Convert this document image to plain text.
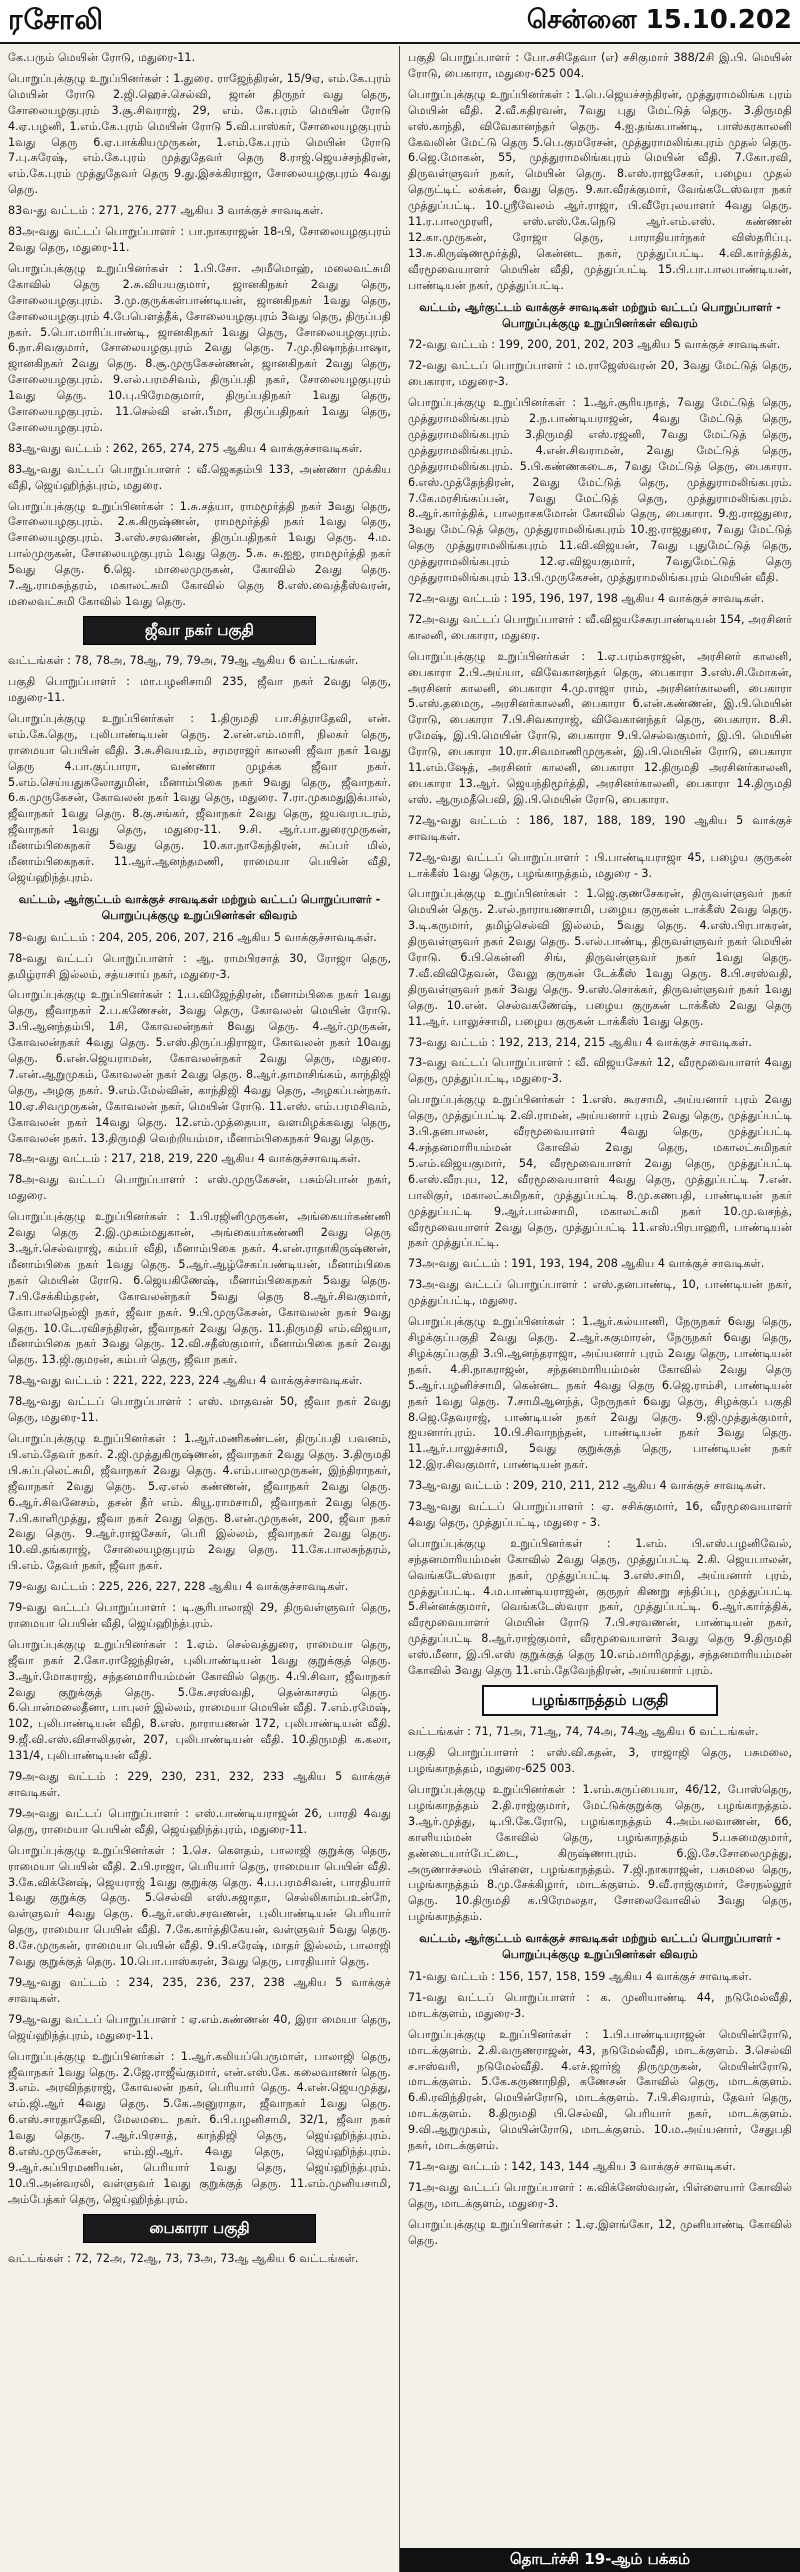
ரசோலி	சென்னை 15.10.202

கே.பரும் மெயின் ரோடு, மதுரை-11.

பொறுப்புக்குழு உறுப்பினர்கள் : 1.துரை. ராஜேந்திரன், 15/9ஏ, எம்.கே.புரம் மெயின் ரோடு 2.ஜி.ஹெச்.செல்வி, ஜான் திருநர் வது தெரு, சோலையழகுபுரம் 3.சூ.சிவராஜ், 29, எம். கே.புரம் மெயின் ரோடு 4.ஏ.பழனி, 1.எம்.கே.புரம் மெயின் ரோடு 5.வி.பாஸ்கர், சோலையழகுபுரம் 1வது தெரு 6.ஏ.பாக்கியமுருகன், 1.எம்.கே.புரம் மெயின் ரோடு 7.பு.சுரேஷ், எம்.கே.புரம் முத்துதேவர் தெரு 8.ராஜ்.ஜெயச்சந்திரன், எம்.கே.புரம் முத்துதேவர் தெரு 9.து.இசக்கிராஜா, சோலையழகுபுரம் 4வது தெரு.

83வ-து வட்டம் : 271, 276, 277 ஆகிய 3 வாக்குச் சாவடிகள்.

83அ-வது வட்டப் பொறுப்பாளர் : பா.நாகராஜன் 18-பி, சோலையழகுபுரம் 2வது தெரு, மதுரை-11.

பொறுப்புக்குழு உறுப்பினர்கள் : 1.பி.சோ. அமீமொஹ், மலைவட்சுமி கோவில் தெரு 2.சு.வியயகுமார், ஜானகிநகர் 2வது தெரு, சோலையழகுபுரம். 3.மு.குருக்கள்பாண்டியன், ஜானகிநகர் 1வது தெரு, சோலையழகுபுரம் 4.பேபெளத்தீக், சோலையழகுபுரம் 3வது தெரு, திருப்பதி நகர். 5.பொ.மாரிப்பாண்டி, ஜானகிநகர் 1வது தெரு, சோலையழகுபுரம். 6.நா.சிவகுமார், சோலையழகுபுரம் 2வது தெரு. 7.மு.நிஷாந்த்பாஷா, ஜானகிநகர் 2வது தெரு. 8.சூ.முருகேசன்ணன், ஜானகிநகர் 2வது தெரு, சோலையழகுபுரம். 9.எல்.பரமசிவம், திருப்பதி நகர், சோலையழகுபுரம் 1வது தெரு. 10.பு.பிரேமகுமார், திருப்பதிநகர் 1வது தெரு, சோலையழகுபுரம். 11.செல்வி என்.பீமா, திருப்பதிநகர் 1வது தெரு, சோலையழகுபுரம்.

83ஆ-வது வட்டம் : 262, 265, 274, 275 ஆகிய 4 வாக்குச்சாவடிகள்.

83ஆ-வது வட்டப் பொறுப்பாளர் : வீ.ஜெகதம்பி 133, அண்ணா முக்கிய வீதி, ஜெய்ஹிந்த்புரம், மதுரை.

பொறுப்புக்குழு உறுப்பினர்கள் : 1.சு.சத்யா, ராமமூர்த்தி நகர் 3வது தெரு, சோலையழகுபுரம். 2.க.கிருஷ்ணன், ராமமூர்த்தி நகர் 1வது தெரு, சோலையழகுபுரம். 3.எஸ்.சரவணன், திருப்பதிநகர் 1வது தெரு. 4.ம. பால்முருகன், சோலையழகுபுரம் 1வது தெரு. 5.சு. சு.ஐஐ, ராமமூர்த்தி நகர் 5வது தெரு. 6.ஜெ. மாலைமுருகன், கோவில் 2வது தெரு. 7.ஆ.ராமசுந்தரம், மகாலட்சுமி கோவில் தெரு 8.எஸ்.வைத்தீஸ்வரன், மலைவட்சுமி கோவில் 1வது தெரு.

ஜீவா நகர் பகுதி

வட்டங்கள் : 78, 78அ, 78ஆ, 79, 79அ, 79ஆ ஆகிய 6 வட்டங்கள்.

பகுதி பொறுப்பாளர் : மா.பழனிசாமி 235, ஜீவா நகர் 2வது தெரு, மதுரை-11.

பொறுப்புக்குழு உறுப்பினர்கள் : 1.திருமதி பா.சித்ராதேவி, என். எம்.கே.தெரு, புலிபாண்டியன் தெரு. 2.என்.எம்.மாரி, நிலகர் தெரு, ராமையா பெயின் வீதி. 3.சு.சிவயஉம், சரமராஜர் காலனி ஜீவா நகர் 1வது தெரு 4.பா.குப்பாரா, வண்ணா முழக்க ஜீவா நகர். 5.எம்.செய்யதுசுலோதுமின், மீனாம்பிகை நகர் 9வது தெரு, ஜீவாநகர். 6.க.முருகேசன், கோவலன் நகர் 1வது தெரு, மதுரை. 7.ரா.முகமதுஇக்பால், ஜீவாநகர் 1வது தெரு. 8.கு.சங்கர், ஜீவாநகர் 2வது தெரு, ஜயவரபடரம், ஜீவாநகர் 1வது தெரு, மதுரை-11. 9.சி. ஆர்.பா.துரைமுருகன், மீனாம்பிகைநகர் 5வது தெரு. 10.கா.நாகேந்திரன், சுப்பர் மில், மீனாம்பிகைநகர். 11.ஆர்.ஆனந்தமணி, ராமையா பெயின் வீதி, ஜெய்ஹிந்த்புரம்.

வட்டம், ஆர்குட்டம் வாக்குச் சாவடிகள் மற்றும் வட்டப் பொறுப்பாளர் - பொறுப்புக்குழு உறுப்பினர்கள் விவரம்

78-வது வட்டம் : 204, 205, 206, 207, 216 ஆகிய 5 வாக்குச்சாவடிகள்.

78-வது வட்டப் பொறுப்பாளர் : ஆ. ராமபிரசாத் 30, ரோஜா தெரு, தமிழ்ராசி இல்லம், சத்யசாய் நகர், மதுரை-3.

பொறுப்புக்குழு உறுப்பினர்கள் : 1.ப.விஜேந்திரன், மீனாம்பிகை நகர் 1வது தெரு, ஜீவாநகர் 2.ப.கணேசன், 3வது தெரு, கோவலன் மெயின் ரோடு. 3.பி.ஆனந்தம்பி, 1சி, கோவலன்நகர் 8வது தெரு. 4.ஆர்.முருகன், கோவலன்நகர் 4வது தெரு. 5.எஸ்.திருப்பதிராஜா, கோவலன் நகர் 10வது தெரு. 6.என்.ஜெயராமன், கோவலன்நகர் 2வது தெரு, மதுரை. 7.என்.ஆறுமுகம், கோவலன் நகர் 2வது தெரு. 8.ஆர்.தாமாசிங்கம், காந்திஜி தெரு, அழகு நகர். 9.எம்.மேல்வின், காந்திஜி 4வது தெரு, அழகப்பன்நகர். 10.ஏ.சிவமுருகன், கோவலன் நகர், மெயின் ரோடு. 11.எஸ். எம்.பரமசிவம், கோவலன் நகர் 14வது தெரு. 12.எம்.முத்தையா, வளமிழக்கவது தெரு, கோவலன் நகர். 13.திருமதி வெற்றியம்மா, மீனாம்பிகைநகர் 9வது தெரு.

78அ-வது வட்டம் : 217, 218, 219, 220 ஆகிய 4 வாக்குச்சாவடிகள்.

78அ-வது வட்டப் பொறுப்பாளர் : எஸ்.முருகேசன், பசும்பொன் நகர், மதுரை.

பொறுப்புக்குழு உறுப்பினர்கள் : 1.பி.ரஜினிமுருகன், அங்கையர்கண்ணி 2வது தெரு 2.இ.முகம்மதுகான், அங்கையர்கண்ணி 2வது தெரு 3.ஆர்.செல்வராஜ், கம்பர் வீதி, மீனாம்பிகை நகர். 4.என்.ராதாகிருஷ்ணன், மீனாம்பிகை நகர் 1வது தெரு. 5.ஆர்.ஆழ்சேகப்பண்டியன், மீனாம்பிகை நகர் மெயின் ரோடு. 6.ஜெயகிணேஷ், மீனாம்பிகைநகர் 5வது தெரு. 7.பி.சேக்கிம்தரன், கோவலன்நகர் 5வது தெரு 8.ஆர்.சிவகுமார், கோபாலநெல்ஜி நகர், ஜீவா நகர். 9.பி.முருகேசன், கோவலன் நகர் 9வது தெரு. 10.டே.ரவிசந்திரன், ஜீவாநகர் 2வது தெரு. 11.திருமதி எம்.விஜயா, மீனாம்பிகை நகர் 3வது தெரு. 12.வி.சதீஸ்குமார், மீனாம்பிகை நகர் 2வது தெரு. 13.ஜி.குமரன், கம்பர் தெரு, ஜீவா நகர்.

78ஆ-வது வட்டம் : 221, 222, 223, 224 ஆகிய 4 வாக்குச்சாவடிகள்.

78ஆ-வது வட்டப் பொறுப்பாளர் : எஸ். மாதவன் 50, ஜீவா நகர் 2வது தெரு, மதுரை-11.

பொறுப்புக்குழு உறுப்பினர்கள் : 1.ஆர்.மணிகண்டன், திருப்பதி பவனம், பி.எம்.தேவர் நகர். 2.ஜி.முத்துகிருஷ்ணன், ஜீவாநகர் 2வது தெரு. 3.திருமதி பி.சுப்புலெட்சுமி, ஜீவாநகர் 2வது தெரு. 4.எம்.பாலமுருகன், இந்திராநகர், ஜீவாநகர் 2வது தெரு. 5.ஏ.எல் கண்ணன், ஜீவாநகர் 2வது தெரு. 6.ஆர்.சிவனேசம், தசன் தீர் எம். கியூ.ராமசாமி, ஜீவாநகர் 2வது தெரு. 7.பி.காளிமுத்து, ஜீவா நகர் 2வது தெரு. 8.என்.முருகன், 200, ஜீவா நகர் 2வது தெரு. 9.ஆர்.ராஜசேகர், பெரி இல்லம், ஜீவாநகர் 2வது தெரு. 10.வி.தங்கராஜ், சோலையழகுபுரம் 2வது தெரு. 11.கே.பாலசுந்தரம், பி.எம். தேவர் நகர், ஜீவா நகர்.

79-வது வட்டம் : 225, 226, 227, 228 ஆகிய 4 வாக்குச்சாவடிகள்.

79-வது வட்டப் பொறுப்பாளர் : டி.சூரிபாலாஜி 29, திருவள்ளுவர் தெரு, ராமையா பெயின் வீதி, ஜெய்ஹிந்த்புரம்.

பொறுப்புக்குழு உறுப்பினர்கள் : 1.ஏம். செல்வத்துரை, ராமையா தெரு, ஜீவா நகர் 2.கோ.ராஜேந்திரன், புலிபாண்டியன் 1வது குறுக்குத் தெரு. 3.ஆர்.மோகராஜ், சந்தனமாரியம்மன் கோவில் தெரு. 4.பி.சிவா, ஜீவாநகர் 2வது குறுக்குத் தெரு. 5.கே.சரஸ்வதி, தென்காசரம் தெரு. 6.பொன்மலைதீனா, பாபுலர் இல்லம், ராமையா மெயின் வீதி. 7.எம்.ரமேஷ், 102, புலிபாண்டியன் வீதி, 8.எஸ். நாராயணன் 172, புலிபாண்டியன் வீதி. 9.ஜீ.வி.எஸ்.விசாலிதரன், 207, புலிபாண்டியன் வீதி. 10.திருமதி க.கலா, 131/4, புலிபாண்டியன் வீதி.

79அ-வது வட்டம் : 229, 230, 231, 232, 233 ஆகிய 5 வாக்குச் சாவடிகள்.

79அ-வது வட்டப் பொறுப்பாளர் : எஸ்.பாண்டியராஜன் 26, பாரதி 4வது தெரு, ராமையா பெயின் வீதி, ஜெய்ஹிந்த்புரம், மதுரை-11.

பொறுப்புக்குழு உறுப்பினர்கள் : 1.செ. கௌதம், பாலாஜி குறுக்கு தெரு, ராமையா பெயின் வீதி. 2.பி.ராஜா, பெரியார் தெரு, ராமையா பெயின் வீதி. 3.கே.விக்னேஷ், ஜெயராஜ் 1வது குறுக்கு தெரு. 4.ப.பரமசிவன், பாரதியார் 1வது குறுக்கு தெரு. 5.செல்வி எஸ்.சுஜாதா, செல்லிகாம்பஉன்றே, வள்ளுவர் 4வது தெரு. 6.ஆர்.எஸ்.சரவணன், புலிபாண்டியன் பெரியார் தெரு, ராமையா பெயின் வீதி. 7.கே.கார்த்திகேயன், வள்ளுவர் 5வது தெரு. 8.சே.முருகன், ராமையா பெயின் வீதி. 9.பி.சரேஷ், மாதர் இல்லம், பாலாஜி 7வது குறுக்குத் தெரு. 10.பொ.பாஸ்கரன், 3வது தெரு, பாரதியார் தெரு.

79ஆ-வது வட்டம் : 234, 235, 236, 237, 238 ஆகிய 5 வாக்குச் சாவடிகள்.

79ஆ-வது வட்டப் பொறுப்பாளர் : ஏ.எம்.கண்ணன் 40, இரா மையா தெரு, ஜெய்ஹிந்த்புரம், மதுரை-11.

பொறுப்புக்குழு உறுப்பினர்கள் : 1.ஆர்.கலியப்பெருமாள், பாலாஜி தெரு, ஜீவாநகர் 1வது தெரு. 2.ஜே.ராஜீவ்குமார், என்.எஸ்.கே. கலைவாணர் தெரு. 3.எம். அரவிந்தராஜ், கோவலன் நகர், பெரியார் தெரு. 4.என்.ஜெயமுத்து, எம்.ஜி.ஆர் 4வது தெரு. 5.கே.அனுராதா, ஜீவாநகர் 1வது தெரு. 6.எஸ்.சாரதாதேவி, மேலமடை நகர். 6.பி.பழனிசாமி, 32/1, ஜீவா நகர் 1வது தெரு. 7.ஆர்.பிரசாத், காந்திஜி தெரு, ஜெய்ஹிந்த்புரம். 8.எஸ்.முருகேசன், எம்.ஜி.ஆர். 4வது தெரு, ஜெய்ஹிந்த்புரம். 9.ஆர்.சுப்பிரமணியன், பெரியார் 1வது தெரு, ஜெய்ஹிந்த்புரம். 10.பி.அன்வரலி, வள்ளுவர் 1வது குறுக்குத் தெரு. 11.எம்.முனியசாமி, அம்பேத்கர் தெரு, ஜெய்ஹிந்த்புரம்.

பைகாரா பகுதி

வட்டங்கள் : 72, 72அ, 72ஆ, 73, 73அ, 73ஆ ஆகிய 6 வட்டங்கள்.

பகுதி பொறுப்பாளர் : போ.சசிதேவா (எ) சசிகுமார் 388/2சி இ.பி. மெயின் ரோடு, பைகாரா, மதுரை-625 004.

பொறுப்புக்குழு உறுப்பினர்கள் : 1.பெ.ஜெயச்சந்திரன், முத்துராமலிங்க புரம் மெயின் வீதி. 2.வீ.கதிரவன், 7வது புது மேட்டுத் தெரு. 3.திருமதி எஸ்.காந்தி, விவேகானந்தர் தெரு. 4.ஐ.தங்கபாண்டி, பாஸ்கரகாலனி கேவலின் மேட்டு தெரு 5.பெ.குமரேசன், முத்துராமலிங்கபுரம் முதல் தெரு. 6.ஜெ.மோகன், 55, முத்துராமலிங்கபுரம் மெயின் வீதி. 7.கோ.ரவி, திருவள்ளுவர் நகர், மெயின் தெரு. 8.எஸ்.ராஜசேகர், பழைய முதல் தெருட்டிட் லக்கன், 6வது தெரு. 9.கா.வீரக்குமார், வேங்கடேஸ்வரா நகர் முத்துப்பட்டி. 10.ஸ்ரீவேலம் ஆர்.ராஜா, பி.வீரேபுலயாளர் 4வது தெரு. 11.ர.பாலமுரளி, எஸ்.எஸ்.கே.நெடு ஆர்.எம்.எஸ். கண்ணன் 12.கா.முருகன், ரோஜா தெரு, பாராதியார்நகர் விஸ்தரிப்பு. 13.சு.கிருஷ்ணமூர்த்தி, கென்னட நகர், முத்துப்பட்டி. 4.வி.கார்த்திக், வீரமூவையாளர் மெயின் வீதி, முத்துப்பட்டி 15.பி.பா.பாலபாண்டியன், பாண்டியன் நகர், முத்துப்பட்டி.

வட்டம், ஆர்குட்டம் வாக்குச் சாவடிகள் மற்றும் வட்டப் பொறுப்பாளர் - பொறுப்புக்குழு உறுப்பினர்கள் விவரம்

72-வது வட்டம் : 199, 200, 201, 202, 203 ஆகிய 5 வாக்குச் சாவடிகள்.

72-வது வட்டப் பொறுப்பாளர் : ம.ராஜேஸ்வரன் 20, 3வது மேட்டுத் தெரு, பைகாரா, மதுரை-3.

பொறுப்புக்குழு உறுப்பினர்கள் : 1.ஆர்.சூரியநாத், 7வது மேட்டுத் தெரு, முத்துராமலிங்கபுரம் 2.ந.பாண்டியராஜன், 4வது மேட்டுத் தெரு, முத்துராமலிங்கபுரம் 3.திருமதி எஸ்.ரஜனி, 7வது மேட்டுத் தெரு, முத்துராமலிங்கபுரம். 4.என்.சிவராமன், 2வது மேட்டுத் தெரு, முத்துராமலிங்கபுரம். 5.பி.கண்ணகடைசு, 7வது மேட்டுத் தெரு, பைகாரா. 6.எஸ்.முத்தேந்திரன், 2வது மேட்டுத் தெரு, முத்துராமலிங்கபுரம். 7.கே.மரசிங்கப்பன், 7வது மேட்டுத் தெரு, முத்துராமலிங்கபுரம். 8.ஆர்.கார்த்திக், பாலநாசகமோன் கோவில் தெரு, பைகாரா. 9.ஐ.ராஜதுரை, 3வது மேட்டுத் தெரு, முத்துராமலிங்கபுரம் 10.ஐ.ராஜதுரை, 7வது மேட்டுத் தெரு முத்துராமலிங்கபுரம் 11.வி.விஜயன், 7வது புதுமேட்டுத் தெரு, முத்துராமலிங்கபுரம் 12.ஏ.விஜயகுமார், 7வதுமேட்டுத் தெரு முத்துராமலிங்கபுரம் 13.பி.முருகேசன், முத்துராமலிங்கபுரம் மெயின் வீதி.

72அ-வது வட்டம் : 195, 196, 197, 198 ஆகிய 4 வாக்குச் சாவடிகள்.

72அ-வது வட்டப் பொறுப்பாளர் : வீ.விஜயசேகரபாண்டியன் 154, அரசினர் காலனி, பைகாரா, மதுரை.

பொறுப்புக்குழு உறுப்பினர்கள் : 1.ஏ.பரம்சுராஜன், அரசினர் காலனி, பைகாரா 2.பி.அய்யா, விவேகானந்தர் தெரு, பைகாரா 3.எஸ்.சி.மோகன், அரசினர் காலனி, பைகாரா 4.மு.ராஜா ராம், அரசினர்காலனி, பைகாரா 5.எஸ்.தமைரு, அரசினர்காலனி, பைகாரா 6.என்.கண்ணன், இ.பி.மெயின் ரோடு, பைகாரா 7.பி.சிவகாராஜ், விவேகானந்தர் தெரு, பைகாரா. 8.சி. ரமேஷ், இ.பி.மெயின் ரோடு, பைகாரா 9.பி.செல்வகுமார், இ.பி. மெயின் ரோடு, பைகாரா 10.ரா.சிவமாணிமுருகன், இ.பி.மெயின் ரோடு, பைகாரா 11.எம்.ஷேத், அரசினர் காலனி, பைகாரா 12.திருமதி அரசினர்காலனி, பைகாரா 13.ஆர். ஜெயந்திமூர்த்தி, அரசினர்காலனி, பைகாரா 14.திருமதி எஸ். ஆருமதீபெவி, இ.பி.மெயின் ரோடு, பைகாரா.

72ஆ-வது வட்டம் : 186, 187, 188, 189, 190 ஆகிய 5 வாக்குச் சாவடிகள்.

72ஆ-வது வட்டப் பொறுப்பாளர் : பி.பாண்டியராஜா 45, பழைய குருகன் டாக்கீஸ் 1வது தெரு, பழங்காநத்தம், மதுரை - 3.

பொறுப்புக்குழு உறுப்பினர்கள் : 1.ஜெ.குணசேகரன், திருவள்ளுவர் நகர் மெயின் தெரு. 2.எல்.நாராயணசாமி, பழைய குருகன் டாக்கீஸ் 2வது தெரு. 3.டி.கருமார், தமிழ்செல்வி இல்லம், 5வது தெரு. 4.எஸ்.பிரபாகரன், திருவள்ளுவர் நகர் 2வது தெரு. 5.எல்.பாண்டி, திருவள்ளுவர் நகர் மெயின் ரோடு. 6.பி.கென்னி சிங், திருவள்ளுவர் நகர் 1வது தெரு. 7.வீ.விவிதேவன், வேலு குருகன் டேக்கீஸ் 1வது தெரு. 8.பி.சரஸ்வதி, திருவள்ளுவர் நகர் 3வது தெரு. 9.எஸ்.சொக்கர், திருவள்ளுவர் நகர் 1வது தெரு. 10.என். செல்வகணேஷ், பழைய குருகன் டாக்கீஸ் 2வது தெரு 11.ஆர். பாலுச்சாமி, பழைய குருகன் டாக்கீஸ் 1வது தெரு.

73-வது வட்டம் : 192, 213, 214, 215 ஆகிய 4 வாக்குச் சாவடிகள்.

73-வது வட்டப் பொறுப்பாளர் : வீ. விஜயசேகர் 12, வீரமூவையாளர் 4வது தெரு, முத்துப்பட்டி, மதுரை-3.

பொறுப்புக்குழு உறுப்பினர்கள் : 1.எஸ். கூரசாமி, அய்யனார் புரம் 2வது தெரு, முத்துப்பட்டி 2.வி.ராமன், அய்யனார் புரம் 2வது தெரு, முத்துப்பட்டி 3.பி.தனபாலன், வீரமூவையாளர் 4வது தெரு, முத்துப்பட்டி 4.சந்தனமாரியம்மன் கோவில் 2வது தெரு, மகாலட்சுமிநகர் 5.எம்.விஜயகுமார், 54, வீரமூவையாளர் 2வது தெரு, முத்துப்பட்டி 6.எஸ்.வீரபுய, 12, வீரமூவையாளர் 4வது தெரு, முத்துப்பட்டி 7.என். பாலிகுர், மகாலட்சுமிநகர், முத்துப்பட்டி 8.மு.கணபதி, பாண்டியன் நகர் முத்துப்பட்டி 9.ஆர்.பால்சாமி, மகாலட்சுமி நகர் 10.மு.வசந்த், வீரமூவையாளர் 2வது தெரு, முத்துப்பட்டி 11.எஸ்.பிரபாஹரி, பாண்டியன் நகர் முத்துப்பட்டி.

73அ-வது வட்டம் : 191, 193, 194, 208 ஆகிய 4 வாக்குச் சாவடிகள்.

73அ-வது வட்டப் பொறுப்பாளர் : எஸ்.தனபாண்டி, 10, பாண்டியன் நகர், முத்துப்பட்டி, மதுரை.

பொறுப்புக்குழு உறுப்பினர்கள் : 1.ஆர்.கல்யாணி, நேருநகர் 6வது தெரு, சிழக்குப்பகுதி 2வது தெரு. 2.ஆர்.சுகுமாரன், நேருநகர் 6வது தெரு, சிழக்குப்பகுதி 3.பி.ஆனந்தராஜா, அய்யனார் புரம் 2வது தெரு, பாண்டியன் நகர். 4.சி.நாகராஜன், சந்தனமாரியம்மன் கோவில் 2வது தெரு 5.ஆர்.பழனிச்சாமி, கென்னட நகர் 4வது தெரு 6.ஜெ.ராம்சி, பாண்டியன் நகர் 1வது தெரு. 7.சாமிஆனந்த், நேருநகர் 6வது தெரு, சிழக்குப் பகுதி 8.ஜெ.தேவராஜ், பாண்டியன் நகர் 2வது தெரு. 9.ஜி.முத்துக்குமார், ஐயனார்புரம். 10.பி.சிவாநந்தன், பாண்டியன் நகர் 3வது தெரு. 11.ஆர்.பாலுச்சாமி, 5வது குறுக்குத் தெரு, பாண்டியன் நகர் 12.இர.சிவகுமார், பாண்டியன் நகர்.

73ஆ-வது வட்டம் : 209, 210, 211, 212 ஆகிய 4 வாக்குச் சாவடிகள்.

73ஆ-வது வட்டப் பொறுப்பாளர் : ஏ. சசிக்குமார், 16, வீரமூவையாளர் 4வது தெரு, முத்துப்பட்டி, மதுரை - 3.

பொறுப்புக்குழு உறுப்பினர்கள் : 1.எம். பி.எஸ்.பழனிவேல், சந்தனமாரியம்மன் கோவில் 2வது தெரு, முத்துப்பட்டி 2.கி. ஜெயபாலன், வெங்கடேஸ்வரா நகர், முத்துப்பட்டி 3.எஸ்.சாமி, அய்யனார் புரம், முத்துப்பட்டி. 4.ம.பாண்டியராஜன், குருநர் கிணறு சந்திப்பு, முத்துப்பட்டி 5.சின்னக்குமார், வெங்கடேஸ்வரா நகர், முத்துப்பட்டி. 6.ஆர்.கார்த்திக், வீரமூவையாளர் மெயின் ரோடு 7.பி.சரவணன், பாண்டியன் நகர், முத்துப்பட்டி 8.ஆர்.ராஜ்குமார், வீரமூவையாளர் 3வது தெரு 9.திருமதி எஸ்.மீனா, இ.பி.எஸ் குறுக்குத் தெரு 10.எம்.மாரிமுத்து, சந்தனமாரியம்மன் கோவில் 3வது தெரு 11.எம்.தேவேந்திரன், அய்யனார் புரம்.

பழங்காநத்தம் பகுதி

வட்டங்கள் : 71, 71அ, 71ஆ, 74, 74அ, 74ஆ ஆகிய 6 வட்டங்கள்.

பகுதி பொறுப்பாளர் : எஸ்.வி.கதன், 3, ராஜாஜி தெரு, பசுமலை, பழங்காநத்தம், மதுரை-625 003.

பொறுப்புக்குழு உறுப்பினர்கள் : 1.எம்.கருப்பையா, 46/12, போஸ்தெரு, பழங்காநத்தம் 2.தி.ராஜ்குமார், மேட்டுக்குறுக்கு தெரு, பழங்காநத்தம். 3.ஆர்.முத்து, டி.பி.கே.ரோடு, பழங்காநத்தம் 4.அம்பலவாணன், 66, காளியம்மன் கோவில் தெரு, பழங்காநத்தம் 5.பசுமைகுமார், தண்டையார்பேட்டை, கிருஷ்ணாபுரம். 6.இ.சே.சோலைமுத்து, அருணாச்சலம் பிள்ளை, பழங்காநத்தம். 7.ஜி.நாகராஜன், பசுமலை தெரு, பழங்காநத்தம் 8.மு.சேக்கிழார், மாடக்குளம். 9.வீ.ராஜ்குமார், சேரநல்லூர் தெரு. 10.திருமதி க.பிரேமலதா, சோலைவோவில் 3வது தெரு, பழங்காநத்தம்.

வட்டம், ஆர்குட்டம் வாக்குச் சாவடிகள் மற்றும் வட்டப் பொறுப்பாளர் - பொறுப்புக்குழு உறுப்பினர்கள் விவரம்

71-வது வட்டம் : 156, 157, 158, 159 ஆகிய 4 வாக்குச் சாவடிகள்.

71-வது வட்டப் பொறுப்பாளர் : க. முனியாண்டி 44, நடுமேல்வீதி, மாடக்குளம், மதுரை-3.

பொறுப்புக்குழு உறுப்பினர்கள் : 1.பி.பாண்டியராஜன் மெயின்ரோடு, மாடக்குளம். 2.கி.வருணராஜன், 43, நடுமேல்வீதி, மாடக்குளம். 3.செல்வி ச.ஈஸ்வரி, நடுமேல்வீதி. 4.எச்.ஜார்ஜ் திருமுருகன், மெயின்ரோடு, மாடக்குளம். 5.கே.கருணாநிதி, கணேசன் கோவில் தெரு, மாடக்குளம். 6.கி.ரவிந்திரன், மெயின்ரோடு, மாடக்குளம். 7.பி.சிவராம், தேவர் தெரு, மாடக்குளம். 8.திருமதி பி.செல்வி, பெரியார் நகர், மாடக்குளம். 9.வி.ஆறுமுகம், மெயின்ரோடு, மாடக்குளம். 10.ம.அய்யனார், சேதுபதி நகர், மாடக்குளம்.

71அ-வது வட்டம் : 142, 143, 144 ஆகிய 3 வாக்குச் சாவடிகள்.

71அ-வது வட்டப் பொறுப்பாளர் : க.விக்னேஸ்வரன், பிள்ளையார் கோவில் தெரு, மாடக்குளம், மதுரை-3.

பொறுப்புக்குழு உறுப்பினர்கள் : 1.ஏ.இளங்கோ, 12, முனியாண்டி கோவில் தெரு.

தொடர்ச்சி 19-ஆம் பக்கம்
